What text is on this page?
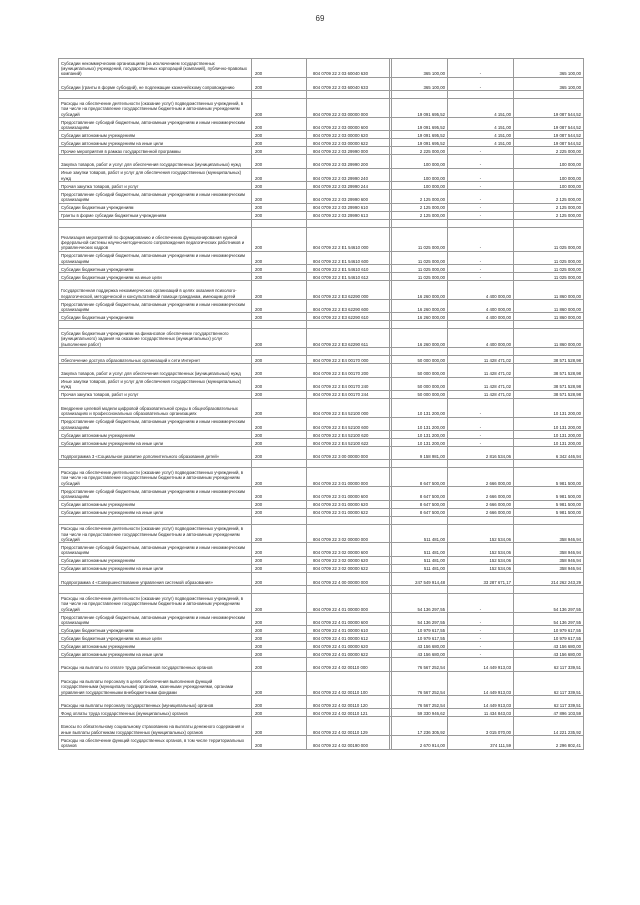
69
Субсидии некоммерческим организациям (за исключением государственных (муниципальных) учреждений, государственных корпораций (компаний), публично-правовых компаний)	200	804 0709 22 2 03 60040 630		365 100,00	-	365 100,00
Субсидии (гранты в форме субсидий), не подлежащие казначейскому сопровождению	200	804 0709 22 2 03 60040 633		365 100,00	-	365 100,00

Расходы на обеспечение деятельности (оказание услуг) подведомственных учреждений, в том числе на предоставление государственным бюджетным и автономным учреждениям субсидий	200	804 0709 22 2 03 00000 000		19 091 695,52	4 151,00	19 087 544,52
Предоставление субсидий бюджетным, автономным учреждениям и иным некоммерческим организациям	200	804 0709 22 2 03 00000 600		19 091 695,52	4 151,00	19 087 544,52
Субсидии автономным учреждениям	200	804 0709 22 2 03 00000 620		19 091 695,52	4 151,00	19 087 544,52
Субсидии автономным учреждениям на иные цели	200	804 0709 22 2 03 00000 622		19 091 695,52	4 151,00	19 087 544,52
Прочие мероприятия в рамках государственной программы	200	804 0709 22 2 03 29990 000		2 225 000,00	-	2 225 000,00
Закупка товаров, работ и услуг для обеспечения государственных (муниципальных) нужд	200	804 0709 22 2 03 29990 200		100 000,00	-	100 000,00
Иные закупки товаров, работ и услуг для обеспечения государственных (муниципальных) нужд	200	804 0709 22 2 03 29990 240		100 000,00	-	100 000,00
Прочая закупка товаров, работ и услуг	200	804 0709 22 2 03 29990 244		100 000,00	-	100 000,00
Предоставление субсидий бюджетным, автономным учреждениям и иным некоммерческим организациям	200	804 0709 22 2 03 29990 600		2 125 000,00	-	2 125 000,00
Субсидии бюджетным учреждениям	200	804 0709 22 2 03 29990 610		2 125 000,00	-	2 125 000,00
Гранты в форме субсидии бюджетным учреждениям	200	804 0709 22 2 03 29990 613		2 125 000,00	-	2 125 000,00

Реализация мероприятий по формированию и обеспечению функционирования единой федеральной системы научно-методического сопровождения педагогических работников и управленческих кадров	200	804 0709 22 2 Е1 54610 000		11 025 000,00	-	11 025 000,00
Предоставление субсидий бюджетным, автономным учреждениям и иным некоммерческим организациям	200	804 0709 22 2 Е1 54610 600		11 025 000,00	-	11 025 000,00
Субсидии бюджетным учреждениям	200	804 0709 22 2 Е1 54610 610		11 025 000,00	-	11 025 000,00
Субсидии бюджетным учреждениям на иные цели	200	804 0709 22 2 Е1 54610 612		11 025 000,00	-	11 025 000,00
Государственная поддержка некоммерческих организаций в целях оказания психолого-педагогической, методической и консультативной помощи гражданам, имеющим детей	200	804 0709 22 2 Е3 62290 000		16 260 000,00	4 400 000,00	11 860 000,00
Предоставление субсидий бюджетным, автономным учреждениям и иным некоммерческим организациям	200	804 0709 22 2 Е3 62290 600		16 260 000,00	4 400 000,00	11 860 000,00
Субсидии бюджетным учреждениям	200	804 0709 22 2 Е3 62290 610		16 260 000,00	4 400 000,00	11 860 000,00

Субсидии бюджетным учреждениям на финансовое обеспечение государственного (муниципального) задания на оказание государственных (муниципальных) услуг (выполнение работ)	200	804 0709 22 2 Е3 62290 611		16 260 000,00	4 400 000,00	11 860 000,00

Обеспечение доступа образовательных организаций к сети Интернет	200	804 0709 22 2 Е4 00170 000		50 000 000,00	11 428 471,02	38 571 528,98
Закупка товаров, работ и услуг для обеспечения государственных (муниципальных) нужд	200	804 0709 22 2 Е4 00170 200		50 000 000,00	11 428 471,02	38 571 528,98
Иные закупки товаров, работ и услуг для обеспечения государственных (муниципальных) нужд	200	804 0709 22 2 Е4 00170 240		50 000 000,00	11 428 471,02	38 571 528,98
Прочая закупка товаров, работ и услуг	200	804 0709 22 2 Е4 00170 244		50 000 000,00	11 428 471,02	38 571 528,98
Внедрение целевой модели цифровой образовательной среды в общеобразовательных организациях и профессиональных образовательных организациях	200	804 0709 22 2 Е4 52100 000		10 131 200,00	-	10 131 200,00
Предоставление субсидий бюджетным, автономным учреждениям и иным некоммерческим организациям	200	804 0709 22 2 Е4 52100 600		10 131 200,00	-	10 131 200,00
Субсидии автономным учреждениям	200	804 0709 22 2 Е4 52100 620		10 131 200,00	-	10 131 200,00
Субсидии автономным учреждениям на иные цели	200	804 0709 22 2 Е4 52100 622		10 131 200,00	-	10 131 200,00
Подпрограмма 3 «Социальное развитие дополнительного образования детей»	200	804 0709 22 3 00 00000 000		9 158 981,00	2 816 534,06	6 342 446,94

Расходы на обеспечение деятельности (оказание услуг) подведомственных учреждений, в том числе на предоставление государственным бюджетным и автономным учреждениям субсидий	200	804 0709 22 3 01 00000 000		8 647 500,00	2 666 000,00	5 981 500,00
Предоставление субсидий бюджетным, автономным учреждениям и иным некоммерческим организациям	200	804 0709 22 3 01 00000 600		8 647 500,00	2 666 000,00	5 981 500,00
Субсидии автономным учреждениям	200	804 0709 22 3 01 00000 620		8 647 500,00	2 666 000,00	5 981 500,00
Субсидии автономным учреждениям на иные цели	200	804 0709 22 3 01 00000 622		8 647 500,00	2 666 000,00	5 981 500,00

Расходы на обеспечение деятельности (оказание услуг) подведомственных учреждений, в том числе на предоставление государственным бюджетным и автономным учреждениям субсидий	200	804 0709 22 3 02 00000 000		511 481,00	152 534,06	358 946,94
Предоставление субсидий бюджетным, автономным учреждениям и иным некоммерческим организациям	200	804 0709 22 3 02 00000 600		511 481,00	152 534,06	358 946,94
Субсидии автономным учреждениям	200	804 0709 22 3 02 00000 620		511 481,00	152 534,06	358 946,94
Субсидии автономным учреждениям на иные цели	200	804 0709 22 3 02 00000 622		511 481,00	152 534,06	358 946,94
Подпрограмма 4 «Совершенствование управления системой образования»	200	804 0709 22 4 00 00000 000		247 549 914,48	33 287 671,17	214 262 243,29

Расходы на обеспечение деятельности (оказание услуг) подведомственных учреждений, в том числе на предоставление государственным бюджетным и автономным учреждениям субсидий	200	804 0709 22 4 01 00000 000		54 136 297,55	-	54 136 297,55
Предоставление субсидий бюджетным, автономным учреждениям и иным некоммерческим организациям	200	804 0709 22 4 01 00000 600		54 136 297,55	-	54 136 297,55
Субсидии бюджетным учреждениям	200	804 0709 22 4 01 00000 610		10 979 617,55	-	10 979 617,55
Субсидии бюджетным учреждениям на иные цели	200	804 0709 22 4 01 00000 612		10 979 617,55	-	10 979 617,55
Субсидии автономным учреждениям	200	804 0709 22 4 01 00000 620		43 156 680,00	-	43 156 680,00
Субсидии автономным учреждениям на иные цели	200	804 0709 22 4 01 00000 622		43 156 680,00	-	43 156 680,00
Расходы на выплаты по оплате труда работников государственных органов	200	804 0709 22 4 02 00110 000		76 567 252,54	14 449 913,03	62 117 339,51
Расходы на выплаты персоналу в целях обеспечения выполнения функций государственными (муниципальными) органами, казенными учреждениями, органами управления государственными внебюджетными фондами	200	804 0709 22 4 02 00110 100		76 567 252,54	14 449 913,03	62 117 339,51
Расходы на выплаты персоналу государственных (муниципальных) органов	200	804 0709 22 4 02 00110 120		76 567 252,54	14 449 913,03	62 117 339,51
Фонд оплаты труда государственных (муниципальных) органов	200	804 0709 22 4 02 00110 121		59 330 946,62	11 434 843,03	47 896 103,59
Взносы по обязательному социальному страхованию на выплаты денежного содержания и иные выплаты работникам государственных (муниципальных) органов	200	804 0709 22 4 02 00110 129		17 236 305,92	3 015 070,00	14 221 235,92
Расходы на обеспечение функций государственных органов, в том числе территориальных органов	200	804 0709 22 4 02 00190 000		2 670 914,00	374 111,59	2 296 802,41
